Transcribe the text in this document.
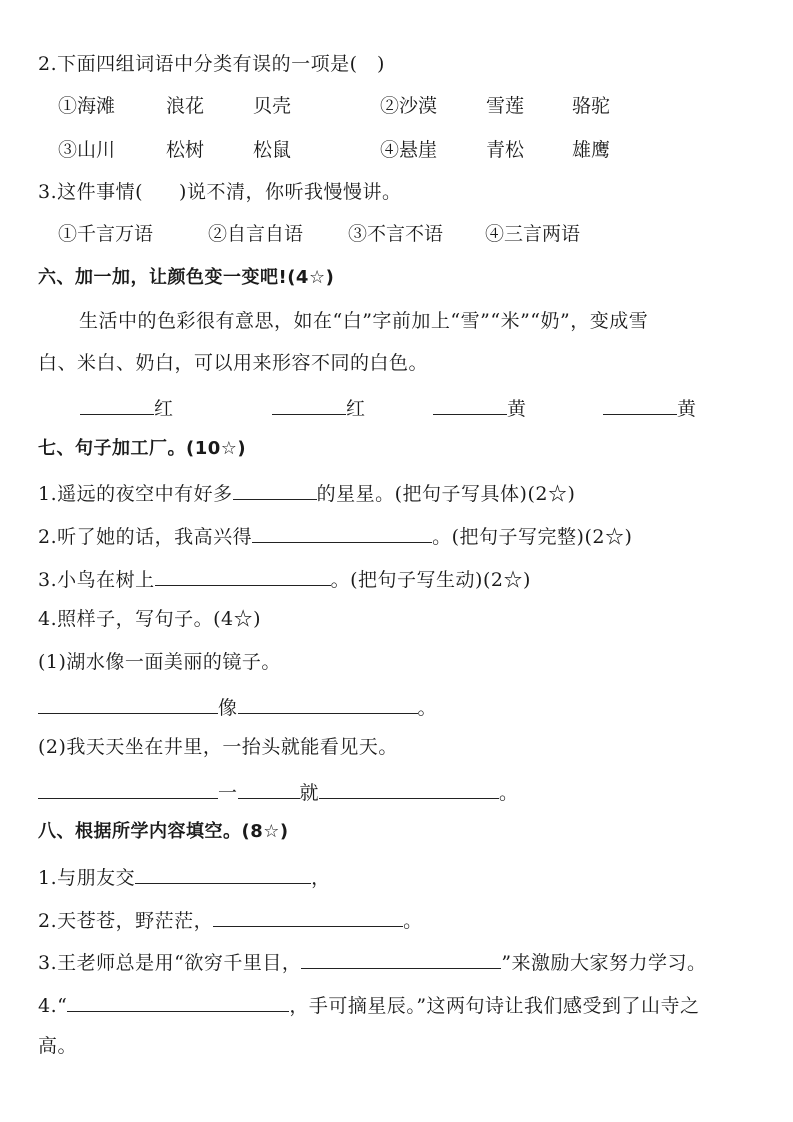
2.下面四组词语中分类有误的一项是(　)
①海滩	浪花	贝壳	②沙漠	雪莲	骆驼
③山川	松树	松鼠	④悬崖	青松	雄鹰
3.这件事情( )说不清，你听我慢慢讲。
①千言万语	②自言自语 ③不言不语 ④三言两语
六、加一加，让颜色变一变吧!(4☆)
生活中的色彩很有意思，如在“白”字前加上“雪”“米”“奶”，变成雪
白、米白、奶白，可以用来形容不同的白色。
红	红	黄	黄
七、句子加工厂。(10☆)
1.遥远的夜空中有好多	的星星。(把句子写具体)(2☆)
2.听了她的话，我高兴得	。(把句子写完整)(2☆)
3.小鸟在树上	。(把句子写生动)(2☆)
4.照样子，写句子。(4☆)
(1)湖水像一面美丽的镜子。
像	。
(2)我天天坐在井里，一抬头就能看见天。
一	就	。
八、根据所学内容填空。(8☆)
1.与朋友交	，
2.天苍苍，野茫茫，	。
3.王老师总是用“欲穷千里目，	”来激励大家努力学习。
4.“	，手可摘星辰。”这两句诗让我们感受到了山寺之
高。
